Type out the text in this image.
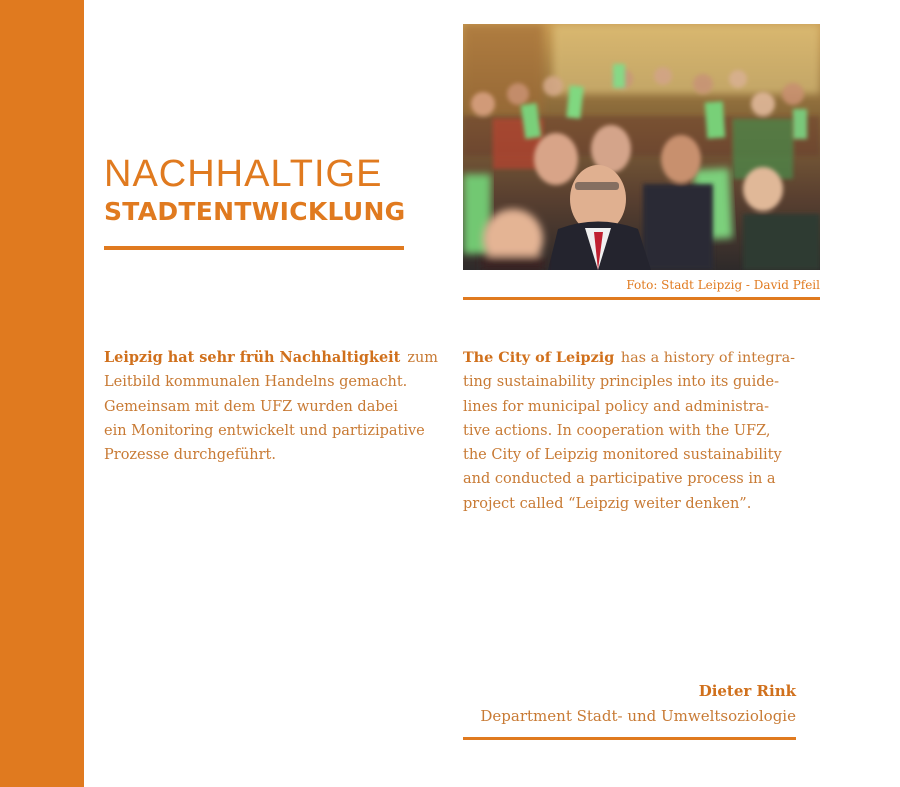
NACHHALTIGE
STADTENTWICKLUNG
Foto: Stadt Leipzig - David Pfeil
Leipzig hat sehr früh Nachhaltigkeit zum
Leitbild kommunalen Handelns gemacht.
Gemeinsam mit dem UFZ wurden dabei
ein Monitoring entwickelt und partizipative
Prozesse durchgeführt.
The City of Leipzig has a history of integra-
ting sustainability principles into its guide-
lines for municipal policy and administra-
tive actions. In cooperation with the UFZ,
the City of Leipzig monitored sustainability
and conducted a participative process in a
project called “Leipzig weiter denken”.
Dieter Rink
Department Stadt- und Umweltsoziologie
